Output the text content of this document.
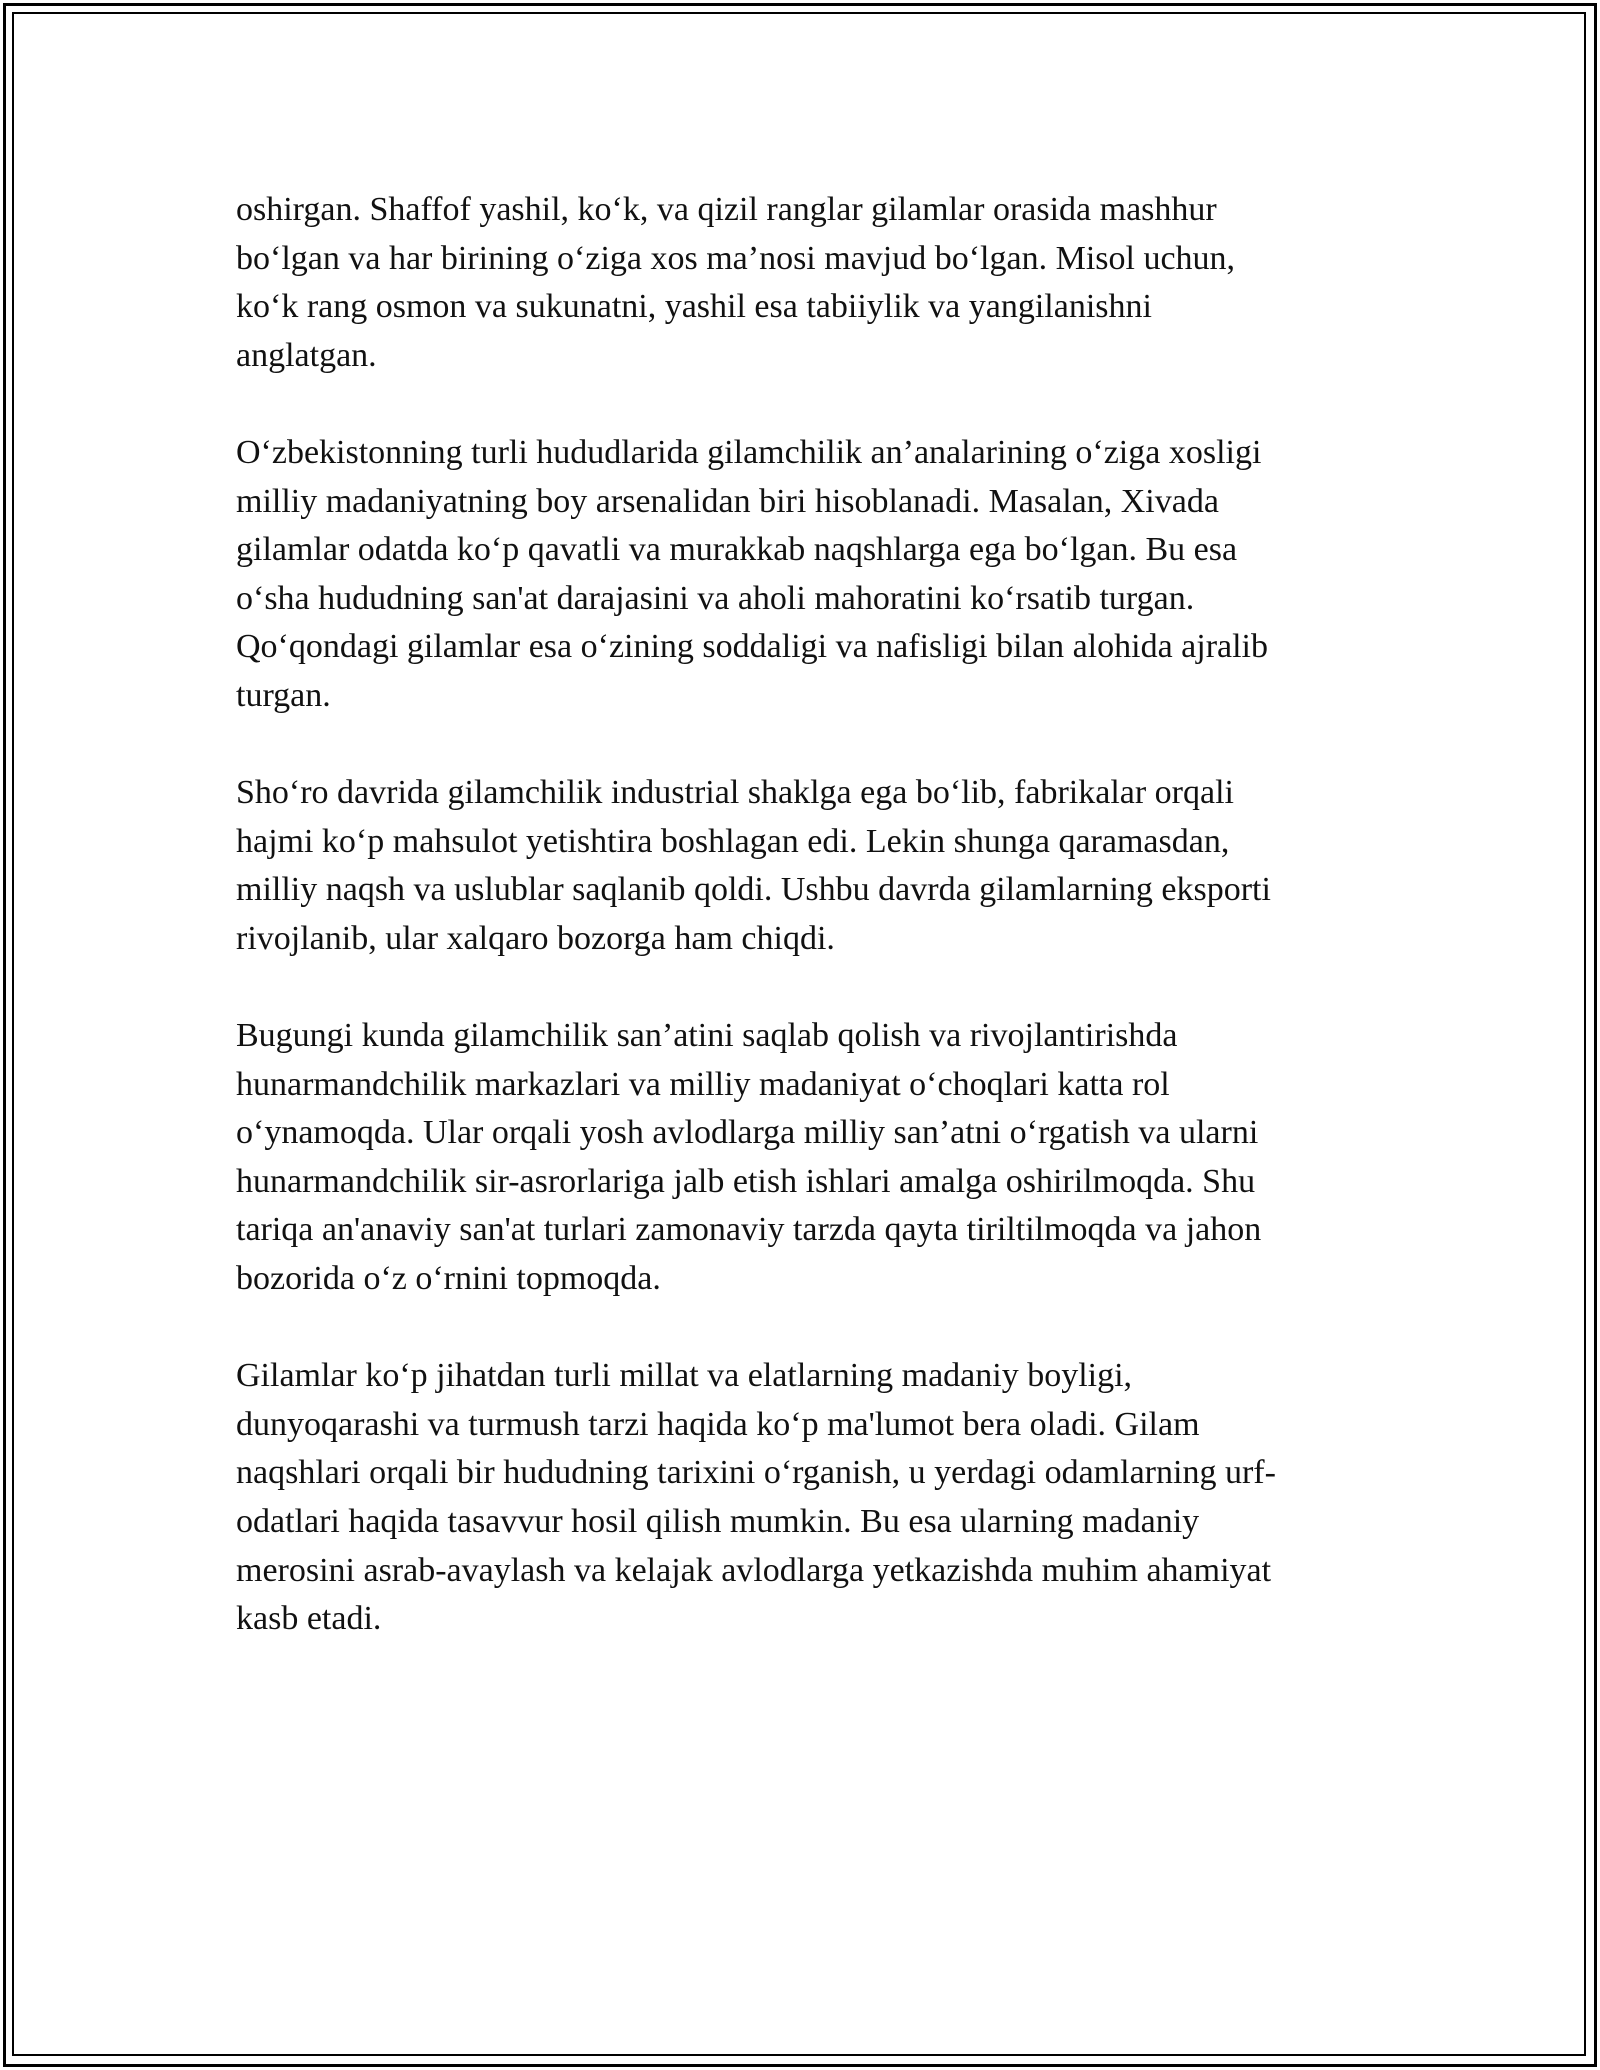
oshirgan. Shaffof yashil, ko‘k, va qizil ranglar gilamlar orasida mashhur
bo‘lgan va har birining o‘ziga xos ma’nosi mavjud bo‘lgan. Misol uchun,
ko‘k rang osmon va sukunatni, yashil esa tabiiylik va yangilanishni
anglatgan.

O‘zbekistonning turli hududlarida gilamchilik an’analarining o‘ziga xosligi
milliy madaniyatning boy arsenalidan biri hisoblanadi. Masalan, Xivada
gilamlar odatda ko‘p qavatli va murakkab naqshlarga ega bo‘lgan. Bu esa
o‘sha hududning san'at darajasini va aholi mahoratini ko‘rsatib turgan.
Qo‘qondagi gilamlar esa o‘zining soddaligi va nafisligi bilan alohida ajralib
turgan.

Sho‘ro davrida gilamchilik industrial shaklga ega bo‘lib, fabrikalar orqali
hajmi ko‘p mahsulot yetishtira boshlagan edi. Lekin shunga qaramasdan,
milliy naqsh va uslublar saqlanib qoldi. Ushbu davrda gilamlarning eksporti
rivojlanib, ular xalqaro bozorga ham chiqdi.

Bugungi kunda gilamchilik san’atini saqlab qolish va rivojlantirishda
hunarmandchilik markazlari va milliy madaniyat o‘choqlari katta rol
o‘ynamoqda. Ular orqali yosh avlodlarga milliy san’atni o‘rgatish va ularni
hunarmandchilik sir-asrorlariga jalb etish ishlari amalga oshirilmoqda. Shu
tariqa an'anaviy san'at turlari zamonaviy tarzda qayta tiriltilmoqda va jahon
bozorida o‘z o‘rnini topmoqda.

Gilamlar ko‘p jihatdan turli millat va elatlarning madaniy boyligi,
dunyoqarashi va turmush tarzi haqida ko‘p ma'lumot bera oladi. Gilam
naqshlari orqali bir hududning tarixini o‘rganish, u yerdagi odamlarning urf-
odatlari haqida tasavvur hosil qilish mumkin. Bu esa ularning madaniy
merosini asrab-avaylash va kelajak avlodlarga yetkazishda muhim ahamiyat
kasb etadi.
